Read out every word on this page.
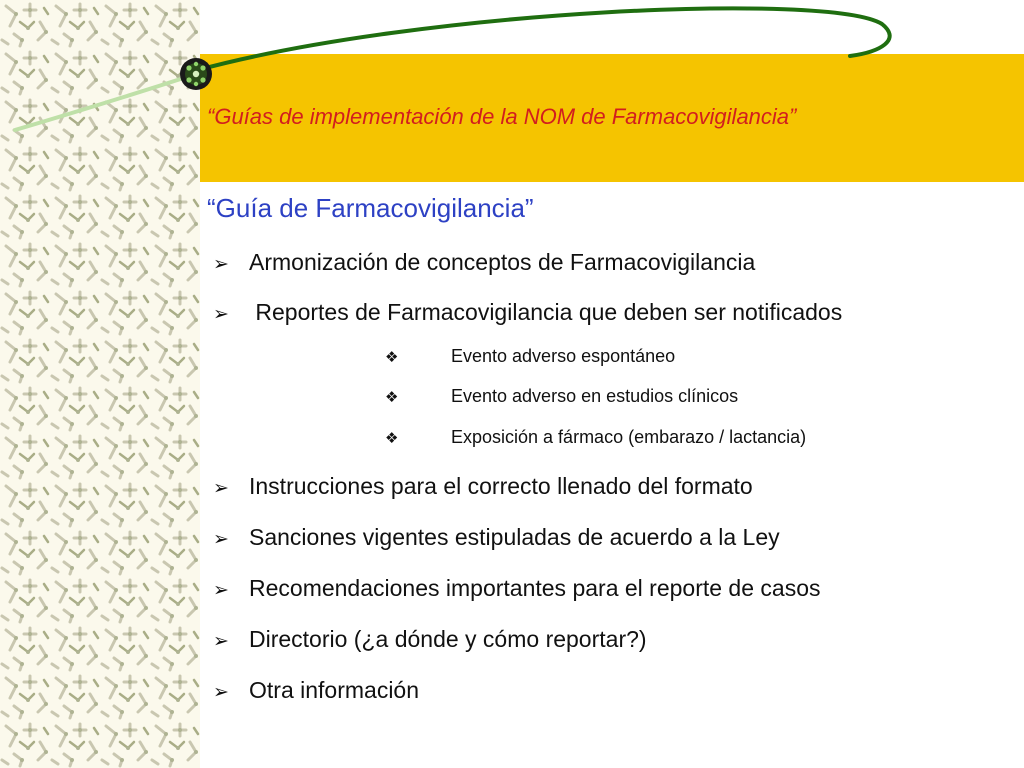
“Guías de implementación de la NOM de Farmacovigilancia”
“Guía de Farmacovigilancia”
➢ Armonización de conceptos de Farmacovigilancia
➢ Reportes de Farmacovigilancia que deben ser notificados
❖	Evento adverso espontáneo
❖	Evento adverso en estudios clínicos
❖	Exposición a fármaco (embarazo / lactancia)
➢ Instrucciones para el correcto llenado del formato
➢ Sanciones vigentes estipuladas de acuerdo a la Ley
➢ Recomendaciones importantes para el reporte de casos
➢ Directorio (¿a dónde y cómo reportar?)
➢ Otra información
